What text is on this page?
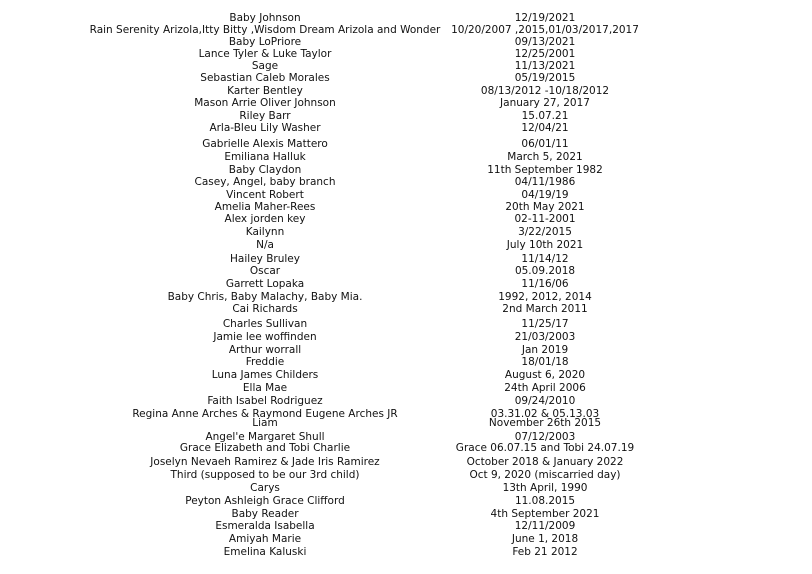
Baby Johnson	12/19/2021
Rain Serenity Arizola,Itty Bitty ,Wisdom Dream Arizola and Wonder 10/20/2007 ,2015,01/03/2017,2017
Baby LoPriore	09/13/2021
Lance Tyler & Luke Taylor	12/25/2001
Sage	11/13/2021
Sebastian Caleb Morales	05/19/2015
Karter Bentley	08/13/2012 -10/18/2012
Mason Arrie Oliver Johnson	January 27, 2017
Riley Barr	15.07.21
Arla-Bleu Lily Washer	12/04/21
Gabrielle Alexis Mattero	06/01/11
Emiliana Halluk	March 5, 2021
Baby Claydon	11th September 1982
Casey, Angel, baby branch	04/11/1986
Vincent Robert	04/19/19
Amelia Maher-Rees	20th May 2021
Alex jorden key	02-11-2001
Kailynn	3/22/2015
N/a	July 10th 2021
Hailey Bruley	11/14/12
Oscar	05.09.2018
Garrett Lopaka	11/16/06
Baby Chris, Baby Malachy, Baby Mia.	1992, 2012, 2014
Cai Richards	2nd March 2011
Charles Sullivan	11/25/17
Jamie lee woffinden	21/03/2003
Arthur worrall	Jan 2019
Freddie	18/01/18
Luna James Childers	August 6, 2020
Ella Mae	24th April 2006
Faith Isabel Rodriguez	09/24/2010
Regina Anne Arches & Raymond Eugene Arches JR	03.31.02 & 05.13.03
Liam	November 26th 2015
Angel'e Margaret Shull	07/12/2003
Grace Elizabeth and Tobi Charlie	Grace 06.07.15 and Tobi 24.07.19
Joselyn Nevaeh Ramirez & Jade Iris Ramirez	October 2018 & January 2022
Third (supposed to be our 3rd child)	Oct 9, 2020 (miscarried day)
Carys	13th April, 1990
Peyton Ashleigh Grace Clifford	11.08.2015
Baby Reader	4th September 2021
Esmeralda Isabella	12/11/2009
Amiyah Marie	June 1, 2018
Emelina Kaluski	Feb 21 2012
